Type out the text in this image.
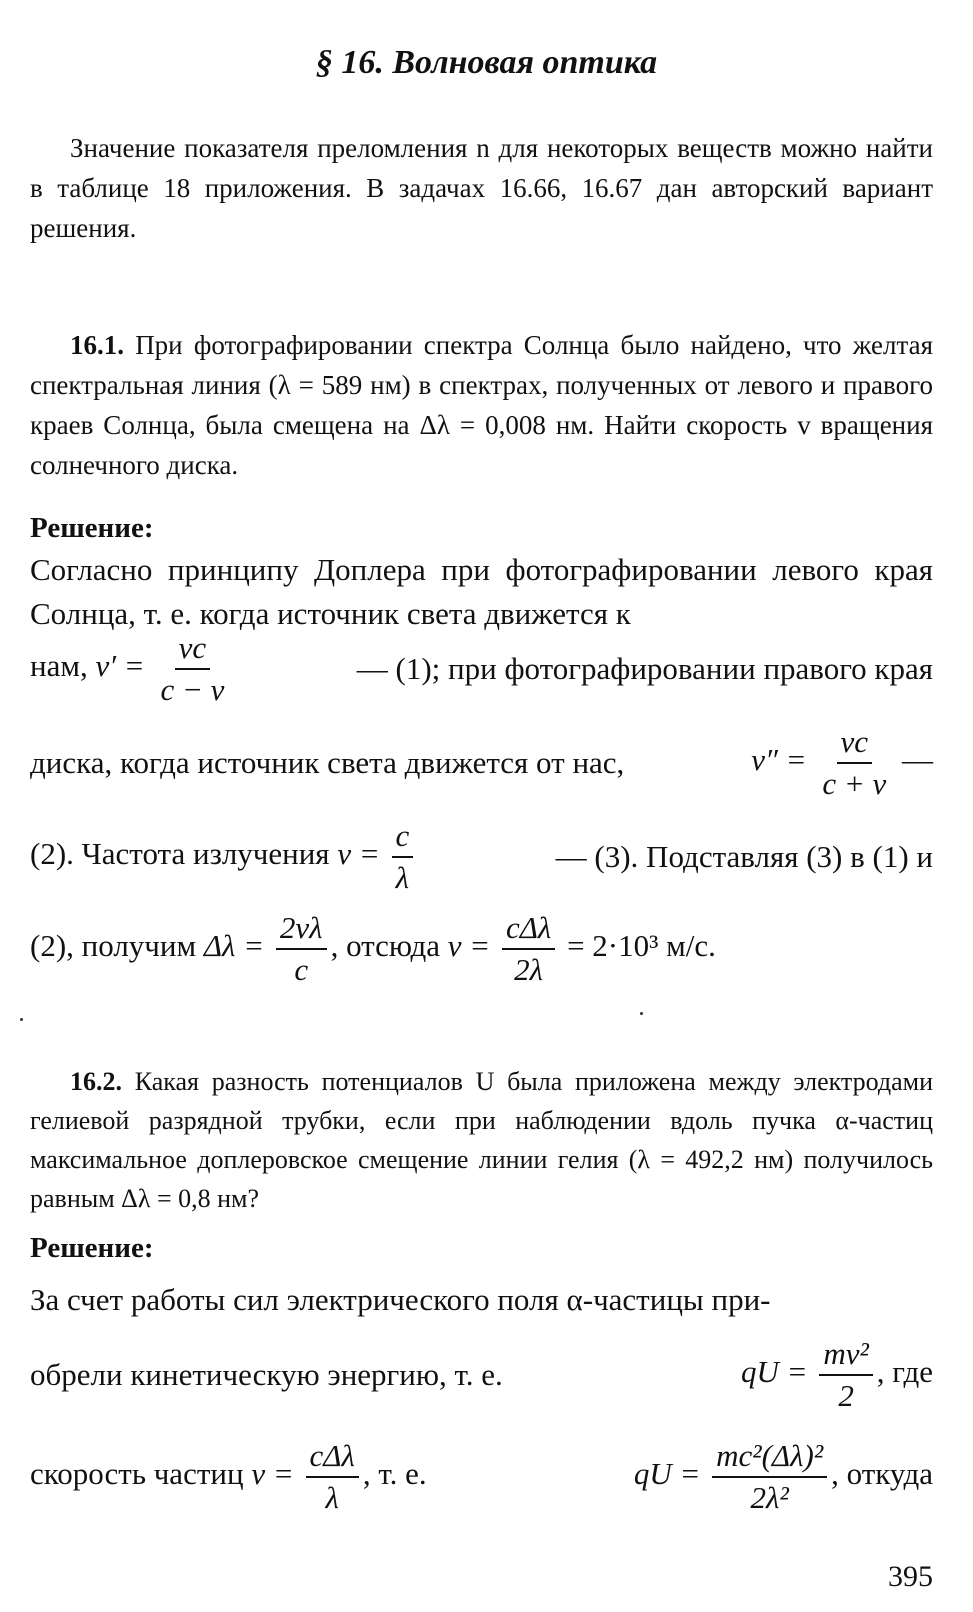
§ 16. Волновая оптика
Значение показателя преломления n для некоторых веществ можно найти в таблице 18 приложения. В задачах 16.66, 16.67 дан авторский вариант решения.
16.1. При фотографировании спектра Солнца было найдено, что желтая спектральная линия (λ = 589 нм) в спектрах, полученных от левого и правого краев Солнца, была смещена на Δλ = 0,008 нм. Найти скорость v вращения солнечного диска.
Решение:
Согласно принципу Доплера при фотографировании левого края Солнца, т. е. когда источник света движется к
нам, $\nu' = \frac{\nu c}{c - v}$	— (1); при фотографировании правого края
диска, когда источник света движется от нас,	$\nu'' = \frac{\nu c}{c + v}$ —
(2). Частота излучения $\nu = \frac{c}{\lambda}$	— (3). Подставляя (3) в (1) и
(2), получим $\Delta\lambda = \frac{2v\lambda}{c}$ , отсюда $v = \frac{\text{cΔλ}}{2\lambda} = 2\cdot 10^3$ м/с.
16.2. Какая разность потенциалов U была приложена между электродами гелиевой разрядной трубки, если при наблюдении вдоль пучка α-частиц максимальное доплеровское смещение линии гелия (λ = 492,2 нм) получилось равным Δλ = 0,8 нм?
Решение:
За счет работы сил электрического поля α-частицы при-
обрели кинетическую энергию, т. е.	qU = $\frac{\text{mv²}}{2}$ , где
скорость частиц $v = \frac{\text{cΔλ}}{\lambda}$ , т. е.	qU = $\frac{\text{mc²(Δλ)²}}{\text{2λ²}}$ , откуда
395
